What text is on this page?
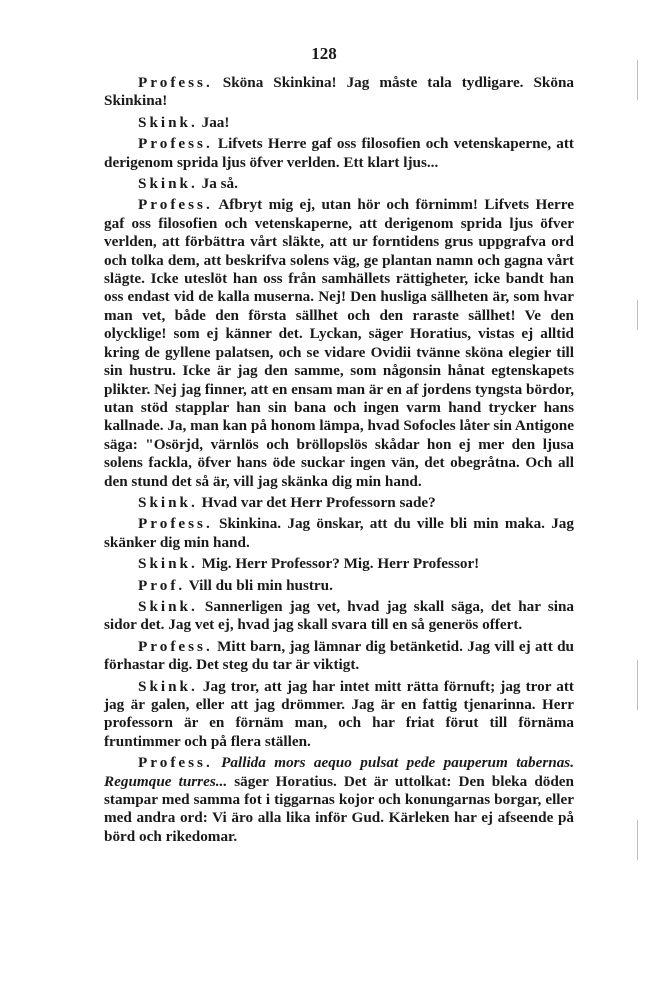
128

Profess. Sköna Skinkina! Jag måste tala tydligare. Sköna Skinkina!

Skink. Jaa!

Profess. Lifvets Herre gaf oss filosofien och vetenskaperne, att derigenom sprida ljus öfver verlden. Ett klart ljus...

Skink. Ja så.

Profess. Afbryt mig ej, utan hör och förnimm! Lifvets Herre gaf oss filosofien och vetenskaperne, att derigenom sprida ljus öfver verlden, att förbättra vårt släkte, att ur forntidens grus uppgrafva ord och tolka dem, att beskrifva solens väg, ge plantan namn och gagna vårt slägte. Icke uteslöt han oss från samhällets rättigheter, icke bandt han oss endast vid de kalla muserna. Nej! Den husliga sällheten är, som hvar man vet, både den första sällhet och den raraste sällhet! Ve den olycklige! som ej känner det. Lyckan, säger Horatius, vistas ej alltid kring de gyllene palatsen, och se vidare Ovidii tvänne sköna elegier till sin hustru. Icke är jag den samme, som någonsin hånat egtenskapets plikter. Nej jag finner, att en ensam man är en af jordens tyngsta bördor, utan stöd stapplar han sin bana och ingen varm hand trycker hans kallnade. Ja, man kan på honom lämpa, hvad Sofocles låter sin Antigone säga: "Osörjd, värnlös och bröllopslös skådar hon ej mer den ljusa solens fackla, öfver hans öde suckar ingen vän, det obegråtna. Och all den stund det så är, vill jag skänka dig min hand.

Skink. Hvad var det Herr Professorn sade?

Profess. Skinkina. Jag önskar, att du ville bli min maka. Jag skänker dig min hand.

Skink. Mig. Herr Professor? Mig. Herr Professor!

Prof. Vill du bli min hustru.

Skink. Sannerligen jag vet, hvad jag skall säga, det har sina sidor det. Jag vet ej, hvad jag skall svara till en så generös offert.

Profess. Mitt barn, jag lämnar dig betänketid. Jag vill ej att du förhastar dig. Det steg du tar är viktigt.

Skink. Jag tror, att jag har intet mitt rätta förnuft; jag tror att jag är galen, eller att jag drömmer. Jag är en fattig tjenarinna. Herr professorn är en förnäm man, och har friat förut till förnäma fruntimmer och på flera ställen.

Profess. Pallida mors aequo pulsat pede pauperum tabernas. Regumque turres... säger Horatius. Det är uttolkat: Den bleka döden stampar med samma fot i tiggarnas kojor och konungarnas borgar, eller med andra ord: Vi äro alla lika inför Gud. Kärleken har ej afseende på börd och rikedomar.
